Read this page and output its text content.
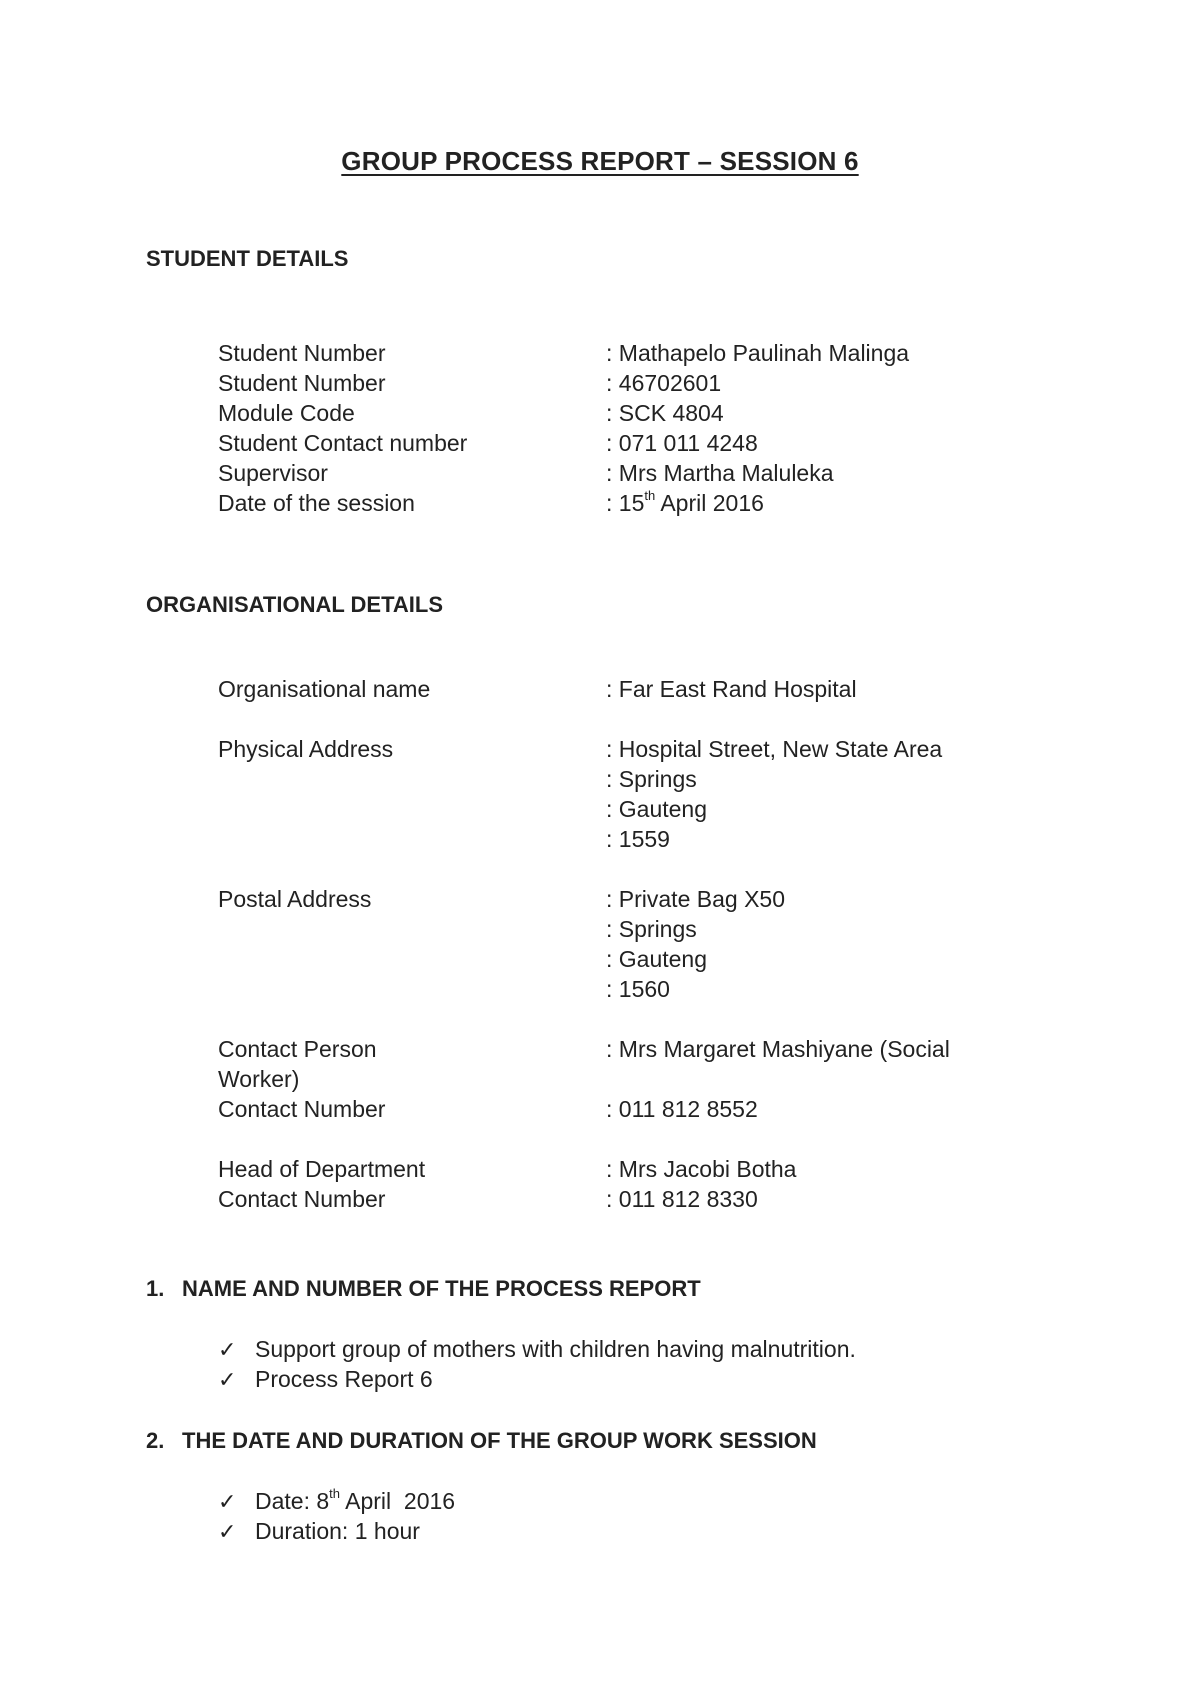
GROUP PROCESS REPORT – SESSION 6
STUDENT DETAILS
Student Number	: Mathapelo Paulinah Malinga
Student Number	: 46702601
Module Code	: SCK 4804
Student Contact number	: 071 011 4248
Supervisor	: Mrs Martha Maluleka
Date of the session	: 15th April 2016
ORGANISATIONAL DETAILS
Organisational name	: Far East Rand Hospital
Physical Address	: Hospital Street, New State Area
: Springs
: Gauteng
: 1559
Postal Address	: Private Bag X50
: Springs
: Gauteng
: 1560
Contact Person	: Mrs Margaret Mashiyane (Social
Worker)
Contact Number	: 011 812 8552
Head of Department	: Mrs Jacobi Botha
Contact Number	: 011 812 8330
1. NAME AND NUMBER OF THE PROCESS REPORT
✓ Support group of mothers with children having malnutrition.
✓ Process Report 6
2. THE DATE AND DURATION OF THE GROUP WORK SESSION
✓ Date: 8th April  2016
✓ Duration: 1 hour
